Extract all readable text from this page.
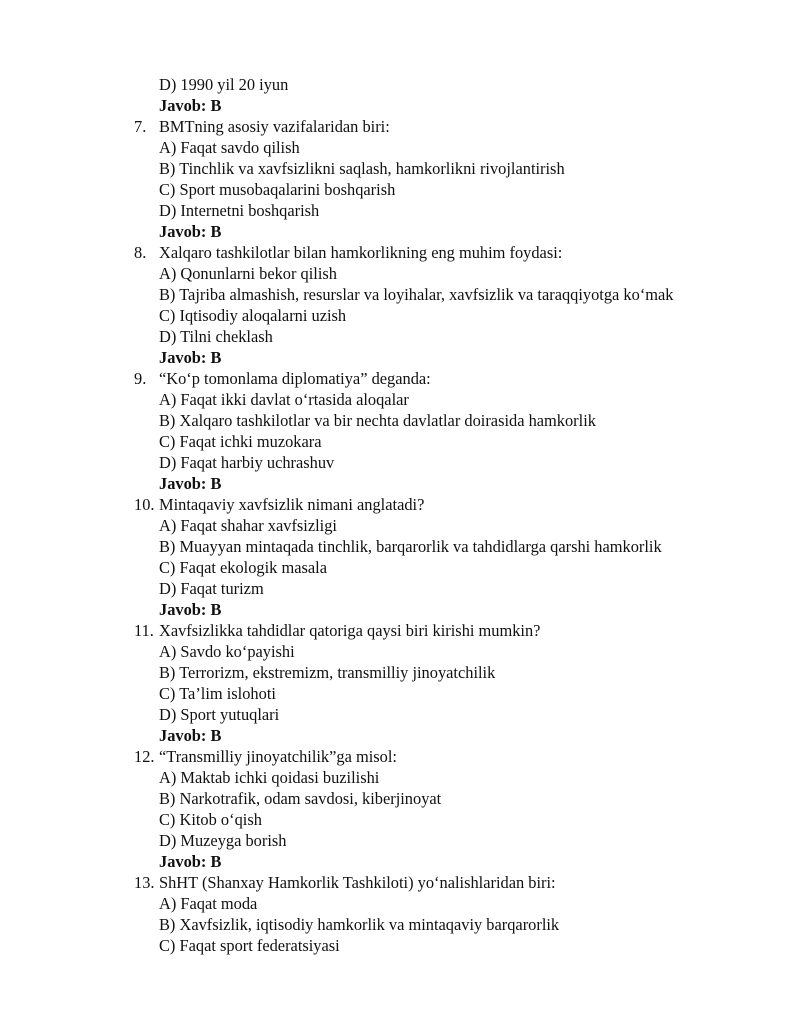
D) 1990 yil 20 iyun
Javob: B
7. BMTning asosiy vazifalaridan biri:
A) Faqat savdo qilish
B) Tinchlik va xavfsizlikni saqlash, hamkorlikni rivojlantirish
C) Sport musobaqalarini boshqarish
D) Internetni boshqarish
Javob: B
8. Xalqaro tashkilotlar bilan hamkorlikning eng muhim foydasi:
A) Qonunlarni bekor qilish
B) Tajriba almashish, resurslar va loyihalar, xavfsizlik va taraqqiyotga ko‘mak
C) Iqtisodiy aloqalarni uzish
D) Tilni cheklash
Javob: B
9. “Ko‘p tomonlama diplomatiya” deganda:
A) Faqat ikki davlat o‘rtasida aloqalar
B) Xalqaro tashkilotlar va bir nechta davlatlar doirasida hamkorlik
C) Faqat ichki muzokara
D) Faqat harbiy uchrashuv
Javob: B
10. Mintaqaviy xavfsizlik nimani anglatadi?
A) Faqat shahar xavfsizligi
B) Muayyan mintaqada tinchlik, barqarorlik va tahdidlarga qarshi hamkorlik
C) Faqat ekologik masala
D) Faqat turizm
Javob: B
11. Xavfsizlikka tahdidlar qatoriga qaysi biri kirishi mumkin?
A) Savdo ko‘payishi
B) Terrorizm, ekstremizm, transmilliy jinoyatchilik
C) Ta’lim islohoti
D) Sport yutuqlari
Javob: B
12. “Transmilliy jinoyatchilik”ga misol:
A) Maktab ichki qoidasi buzilishi
B) Narkotrafik, odam savdosi, kiberjinoyat
C) Kitob o‘qish
D) Muzeyga borish
Javob: B
13. ShHT (Shanxay Hamkorlik Tashkiloti) yo‘nalishlaridan biri:
A) Faqat moda
B) Xavfsizlik, iqtisodiy hamkorlik va mintaqaviy barqarorlik
C) Faqat sport federatsiyasi
